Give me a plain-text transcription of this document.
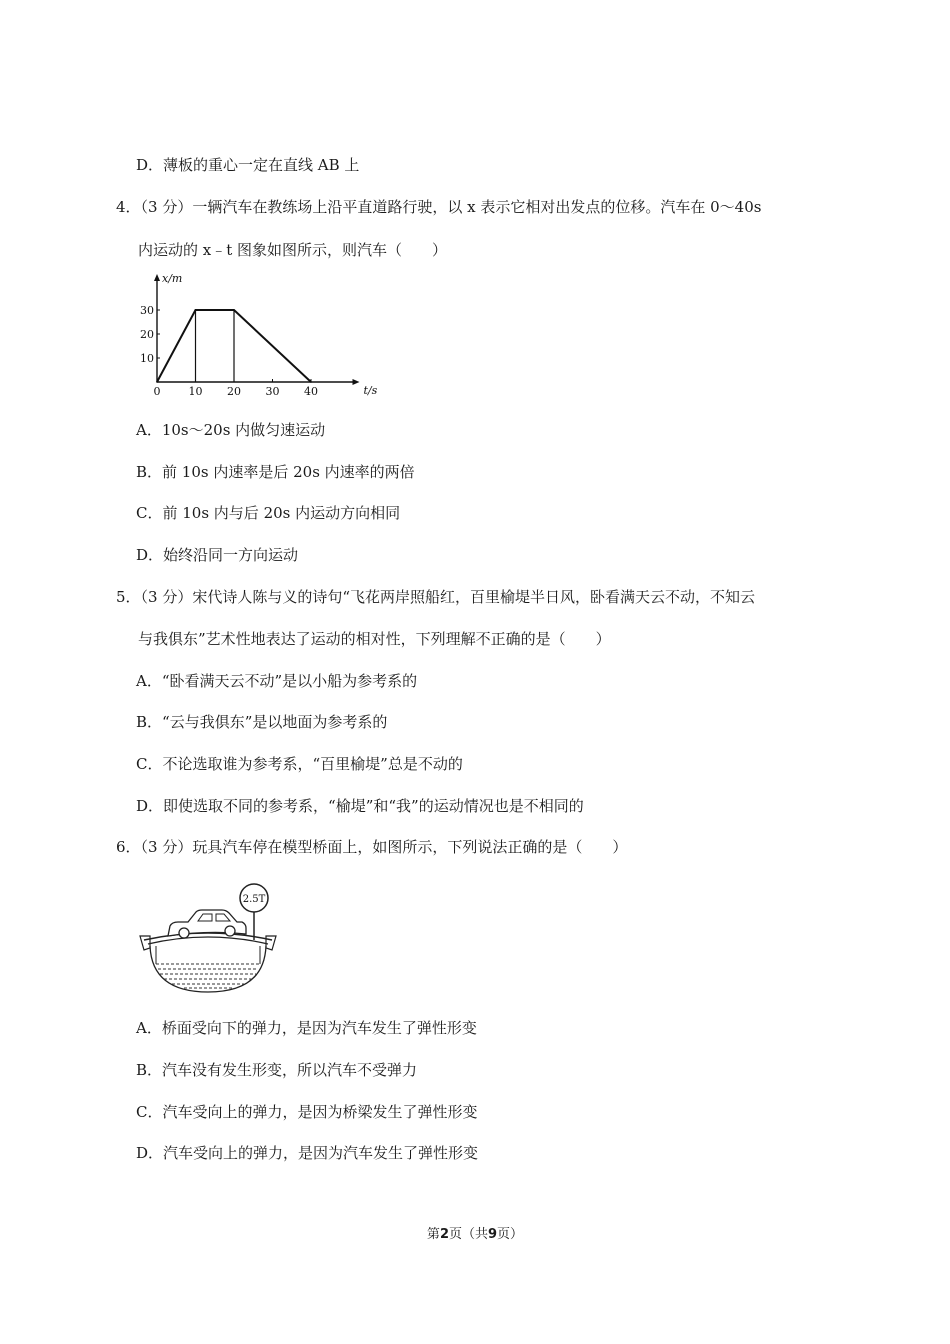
D．薄板的重心一定在直线 AB 上
4．（3 分）一辆汽车在教练场上沿平直道路行驶，以 x 表示它相对出发点的位移。汽车在 0～40s
内运动的 x﹣t 图象如图所示，则汽车（　　）
x/m
t/s
0	10 20 30 40
10
20
30
A．10s～20s 内做匀速运动
B．前 10s 内速率是后 20s 内速率的两倍
C．前 10s 内与后 20s 内运动方向相同
D．始终沿同一方向运动
5．（3 分）宋代诗人陈与义的诗句“飞花两岸照船红，百里榆堤半日风，卧看满天云不动，不知云
与我俱东”艺术性地表达了运动的相对性，下列理解不正确的是（　　）
A．“卧看满天云不动”是以小船为参考系的
B．“云与我俱东”是以地面为参考系的
C．不论选取谁为参考系，“百里榆堤”总是不动的
D．即使选取不同的参考系，“榆堤”和“我”的运动情况也是不相同的
6．（3 分）玩具汽车停在模型桥面上，如图所示，下列说法正确的是（　　）
2.5T
A．桥面受向下的弹力，是因为汽车发生了弹性形变
B．汽车没有发生形变，所以汽车不受弹力
C．汽车受向上的弹力，是因为桥梁发生了弹性形变
D．汽车受向上的弹力，是因为汽车发生了弹性形变
第2页（共9页）
